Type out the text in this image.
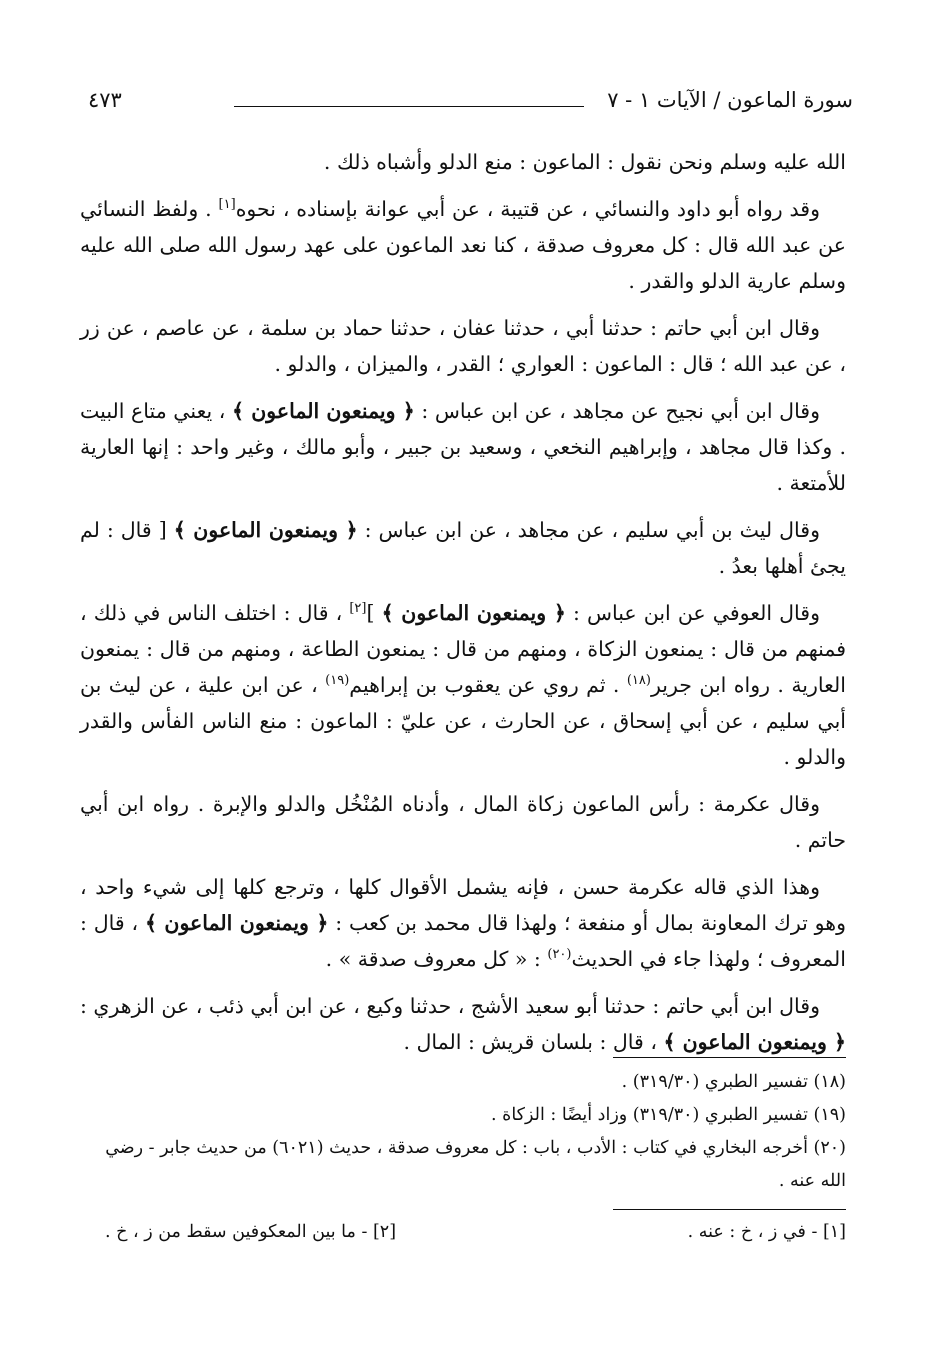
سورة الماعون / الآيات ١ - ٧
٤٧٣

الله عليه وسلم ونحن نقول : الماعون : منع الدلو وأشباه ذلك .

وقد رواه أبو داود والنسائي ، عن قتيبة ، عن أبي عوانة بإسناده ، نحوه[١] . ولفظ النسائي عن عبد الله قال : كل معروف صدقة ، كنا نعد الماعون على عهد رسول الله صلى الله عليه وسلم عارية الدلو والقدر .

وقال ابن أبي حاتم : حدثنا أبي ، حدثنا عفان ، حدثنا حماد بن سلمة ، عن عاصم ، عن زر ، عن عبد الله ؛ قال : الماعون : العواري ؛ القدر ، والميزان ، والدلو .

وقال ابن أبي نجيح عن مجاهد ، عن ابن عباس : ﴿ ويمنعون الماعون ﴾ ، يعني متاع البيت . وكذا قال مجاهد ، وإبراهيم النخعي ، وسعيد بن جبير ، وأبو مالك ، وغير واحد : إنها العارية للأمتعة .

وقال ليث بن أبي سليم ، عن مجاهد ، عن ابن عباس : ﴿ ويمنعون الماعون ﴾ [ قال : لم يجئ أهلها بعدُ .

وقال العوفي عن ابن عباس : ﴿ ويمنعون الماعون ﴾ ][٢] ، قال : اختلف الناس في ذلك ، فمنهم من قال : يمنعون الزكاة ، ومنهم من قال : يمنعون الطاعة ، ومنهم من قال : يمنعون العارية . رواه ابن جرير$^{(١٨)}$ . ثم روي عن يعقوب بن إبراهيم$^{(١٩)}$ ، عن ابن علية ، عن ليث بن أبي سليم ، عن أبي إسحاق ، عن الحارث ، عن عليّ : الماعون : منع الناس الفأس والقدر والدلو .

وقال عكرمة : رأس الماعون زكاة المال ، وأدناه المُنْخُل والدلو والإبرة . رواه ابن أبي حاتم .

وهذا الذي قاله عكرمة حسن ، فإنه يشمل الأقوال كلها ، وترجع كلها إلى شيء واحد ، وهو ترك المعاونة بمال أو منفعة ؛ ولهذا قال محمد بن كعب : ﴿ ويمنعون الماعون ﴾ ، قال : المعروف ؛ ولهذا جاء في الحديث$^{(٢٠)}$ : « كل معروف صدقة » .

وقال ابن أبي حاتم : حدثنا أبو سعيد الأشج ، حدثنا وكيع ، عن ابن أبي ذئب ، عن الزهري : ﴿ ويمنعون الماعون ﴾ ، قال : بلسان قريش : المال .

(١٨) تفسير الطبري (٣١٩/٣٠) .

(١٩) تفسير الطبري (٣١٩/٣٠) وزاد أيضًا : الزكاة .

(٢٠) أخرجه البخاري في كتاب : الأدب ، باب : كل معروف صدقة ، حديث (٦٠٢١) من حديث جابر - رضي الله عنه .

[١] - في ز ، خ : عنه .
[٢] - ما بين المعكوفين سقط من ز ، خ .
